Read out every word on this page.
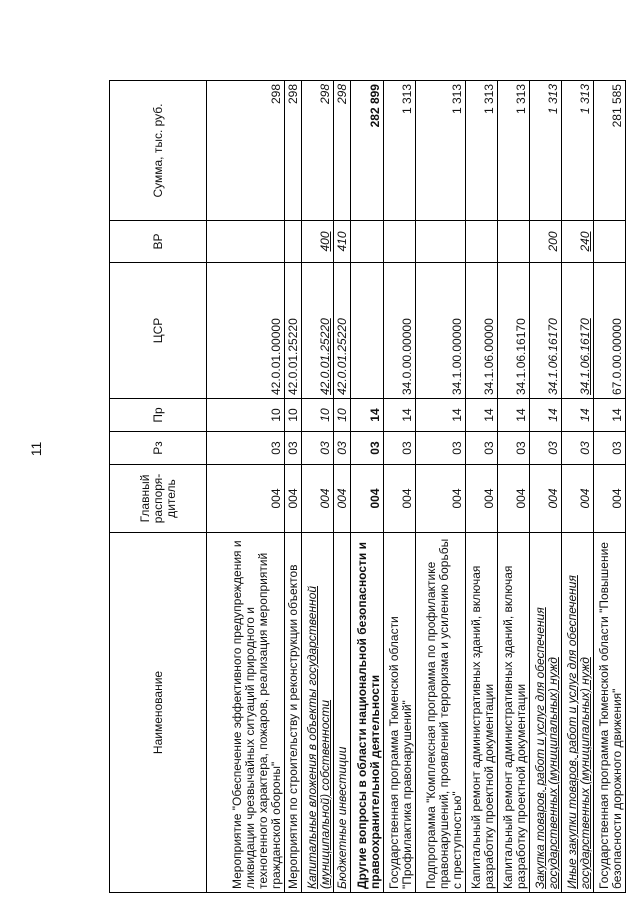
11
Наименование	Главный распоря- дитель	Рз	Пр	ЦСР	ВР	Сумма, тыс. руб.
Мероприятие "Обеспечение эффективного предупреждения и ликвидации чрезвычайных ситуаций природного и техногенного характера, пожаров, реализация мероприятий гражданской обороны"	004	03	10	42.0.01.00000		298
Мероприятия по строительству и реконструкции объектов	004	03	10	42.0.01.25220		298
Капитальные вложения в объекты государственной (муниципальной) собственности	004	03	10	42.0.01.25220	400	298
Бюджетные инвестиции	004	03	10	42.0.01.25220	410	298
Другие вопросы в области национальной безопасности и правоохранительной деятельности	004	03	14			282 899
Государственная программа Тюменской области "Профилактика правонарушений"	004	03	14	34.0.00.00000		1 313
Подпрограмма "Комплексная программа по профилактике правонарушений, проявлений терроризма и усилению борьбы с преступностью"	004	03	14	34.1.00.00000		1 313
Капитальный ремонт административных зданий, включая разработку проектной документации	004	03	14	34.1.06.00000		1 313
Капитальный ремонт административных зданий, включая разработку проектной документации	004	03	14	34.1.06.16170		1 313
Закупка товаров, работ и услуг для обеспечения государственных (муниципальных) нужд	004	03	14	34.1.06.16170	200	1 313
Иные закупки товаров, работ и услуг для обеспечения государственных (муниципальных) нужд	004	03	14	34.1.06.16170	240	1 313
Государственная программа Тюменской области "Повышение безопасности дорожного движения"	004	03	14	67.0.00.00000		281 585
